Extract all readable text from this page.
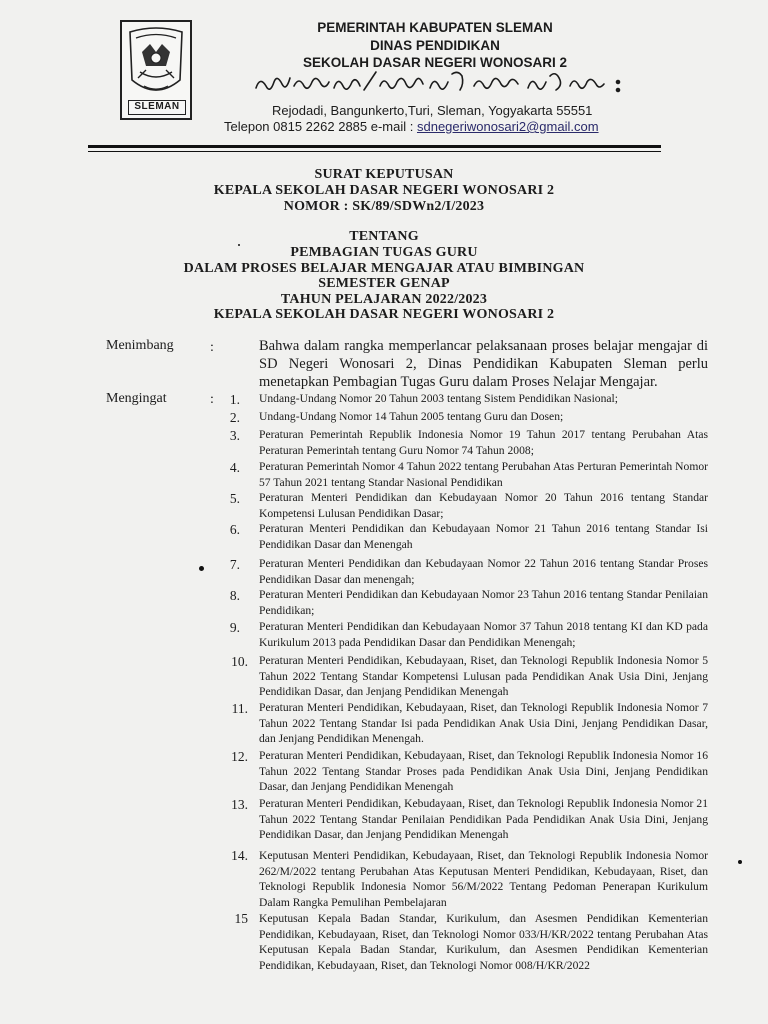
SLEMAN
PEMERINTAH KABUPATEN SLEMAN
DINAS PENDIDIKAN
SEKOLAH DASAR NEGERI WONOSARI 2
Rejodadi, Bangunkerto,Turi, Sleman, Yogyakarta 55551
Telepon 0815 2262 2885 e-mail : sdnegeriwonosari2@gmail.com
SURAT KEPUTUSAN
KEPALA SEKOLAH DASAR NEGERI WONOSARI 2
NOMOR : SK/89/SDWn2/I/2023
TENTANG
PEMBAGIAN TUGAS GURU
DALAM PROSES BELAJAR MENGAJAR ATAU BIMBINGAN
SEMESTER GENAP
TAHUN PELAJARAN 2022/2023
KEPALA SEKOLAH DASAR NEGERI WONOSARI 2
Menimbang	:	Bahwa dalam rangka memperlancar pelaksanaan proses belajar mengajar di SD Negeri Wonosari 2, Dinas Pendidikan Kabupaten Sleman perlu menetapkan Pembagian Tugas Guru dalam Proses Nelajar Mengajar.
Mengingat	:	1. Undang-Undang Nomor 20 Tahun 2003 tentang Sistem Pendidikan Nasional;
2. Undang-Undang Nomor 14 Tahun 2005 tentang Guru dan Dosen;
3. Peraturan Pemerintah Republik Indonesia Nomor 19 Tahun 2017 tentang Perubahan Atas Peraturan Pemerintah tentang Guru Nomor 74 Tahun 2008;
4. Peraturan Pemerintah Nomor 4 Tahun 2022 tentang Perubahan Atas Perturan Pemerintah Nomor 57 Tahun 2021 tentang Standar Nasional Pendidikan
5. Peraturan Menteri Pendidikan dan Kebudayaan Nomor 20 Tahun 2016 tentang Standar Kompetensi Lulusan Pendidikan Dasar;
6. Peraturan Menteri Pendidikan dan Kebudayaan Nomor 21 Tahun 2016 tentang Standar Isi Pendidikan Dasar dan Menengah
7. Peraturan Menteri Pendidikan dan Kebudayaan Nomor 22 Tahun 2016 tentang Standar Proses Pendidikan Dasar dan menengah;
8. Peraturan Menteri Pendidikan dan Kebudayaan Nomor 23 Tahun 2016 tentang Standar Penilaian Pendidikan;
9. Peraturan Menteri Pendidikan dan Kebudayaan Nomor 37 Tahun 2018 tentang KI dan KD pada Kurikulum 2013 pada Pendidikan Dasar dan Pendidikan Menengah;
10. Peraturan Menteri Pendidikan, Kebudayaan, Riset, dan Teknologi Republik Indonesia Nomor 5 Tahun 2022 Tentang Standar Kompetensi Lulusan pada Pendidikan Anak Usia Dini, Jenjang Pendidikan Dasar, dan Jenjang Pendidikan Menengah
11. Peraturan Menteri Pendidikan, Kebudayaan, Riset, dan Teknologi Republik Indonesia Nomor 7 Tahun 2022 Tentang Standar Isi pada Pendidikan Anak Usia Dini, Jenjang Pendidikan Dasar, dan Jenjang Pendidikan Menengah.
12. Peraturan Menteri Pendidikan, Kebudayaan, Riset, dan Teknologi Republik Indonesia Nomor 16 Tahun 2022 Tentang Standar Proses pada Pendidikan Anak Usia Dini, Jenjang Pendidikan Dasar, dan Jenjang Pendidikan Menengah
13. Peraturan Menteri Pendidikan, Kebudayaan, Riset, dan Teknologi Republik Indonesia Nomor 21 Tahun 2022 Tentang Standar Penilaian Pendidikan Pada Pendidikan Anak Usia Dini, Jenjang Pendidikan Dasar, dan Jenjang Pendidikan Menengah
14. Keputusan Menteri Pendidikan, Kebudayaan, Riset, dan Teknologi Republik Indonesia Nomor 262/M/2022 tentang Perubahan Atas Keputusan Menteri Pendidikan, Kebudayaan, Riset, dan Teknologi Republik Indonesia Nomor 56/M/2022 Tentang Pedoman Penerapan Kurikulum Dalam Rangka Pemulihan Pembelajaran
15 Keputusan Kepala Badan Standar, Kurikulum, dan Asesmen Pendidikan Kementerian Pendidikan, Kebudayaan, Riset, dan Teknologi Nomor 033/H/KR/2022 tentang Perubahan Atas Keputusan Kepala Badan Standar, Kurikulum, dan Asesmen Pendidikan Kementerian Pendidikan, Kebudayaan, Riset, dan Teknologi Nomor 008/H/KR/2022
